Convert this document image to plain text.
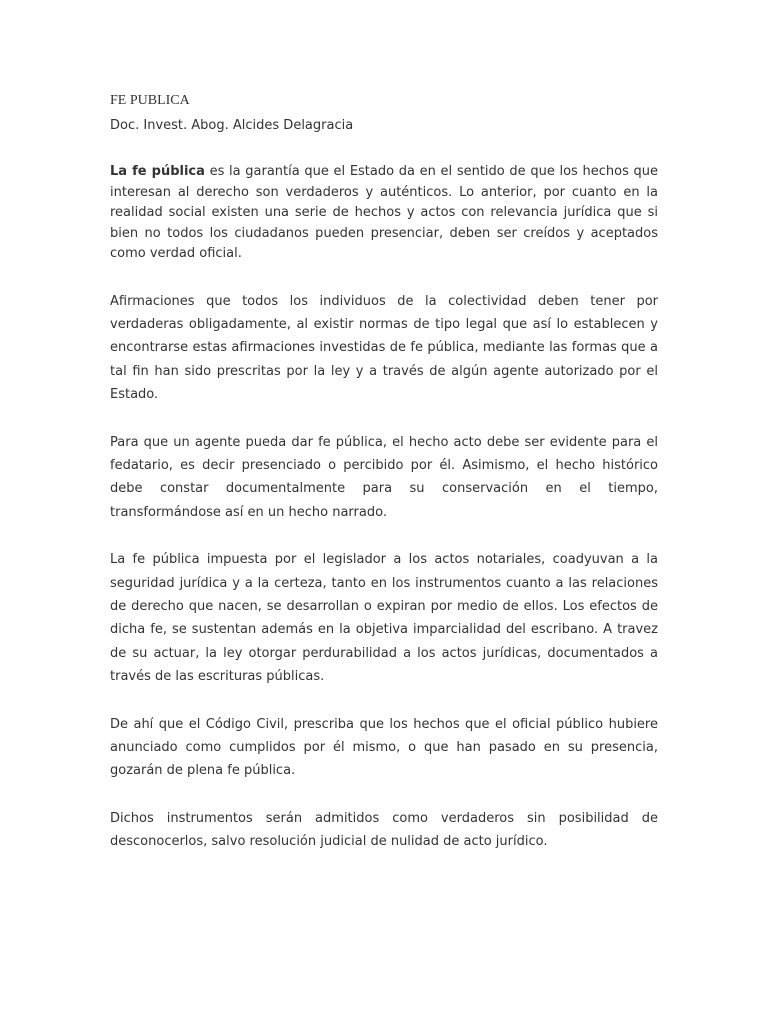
FE PUBLICA

Doc. Invest. Abog. Alcides Delagracia

La fe pública es la garantía que el Estado da en el sentido de que los hechos que interesan al derecho son verdaderos y auténticos. Lo anterior, por cuanto en la realidad social existen una serie de hechos y actos con relevancia jurídica que si bien no todos los ciudadanos pueden presenciar, deben ser creídos y aceptados como verdad oficial.

Afirmaciones que todos los individuos de la colectividad deben tener por verdaderas obligadamente, al existir normas de tipo legal que así lo establecen y encontrarse estas afirmaciones investidas de fe pública, mediante las formas que a tal fin han sido prescritas por la ley y a través de algún agente autorizado por el Estado.

Para que un agente pueda dar fe pública, el hecho acto debe ser evidente para el fedatario, es decir presenciado o percibido por él. Asimismo, el hecho histórico debe constar documentalmente para su conservación en el tiempo, transformándose así en un hecho narrado.

La fe pública impuesta por el legislador a los actos notariales, coadyuvan a la seguridad jurídica y a la certeza, tanto en los instrumentos cuanto a las relaciones de derecho que nacen, se desarrollan o expiran por medio de ellos. Los efectos de dicha fe, se sustentan además en la objetiva imparcialidad del escribano. A travez de su actuar, la ley otorgar perdurabilidad a los actos jurídicas, documentados a través de las escrituras públicas.

De ahí que el Código Civil, prescriba que los hechos que el oficial público hubiere anunciado como cumplidos por él mismo, o que han pasado en su presencia, gozarán de plena fe pública.

Dichos instrumentos serán admitidos como verdaderos sin posibilidad de desconocerlos, salvo resolución judicial de nulidad de acto jurídico.
